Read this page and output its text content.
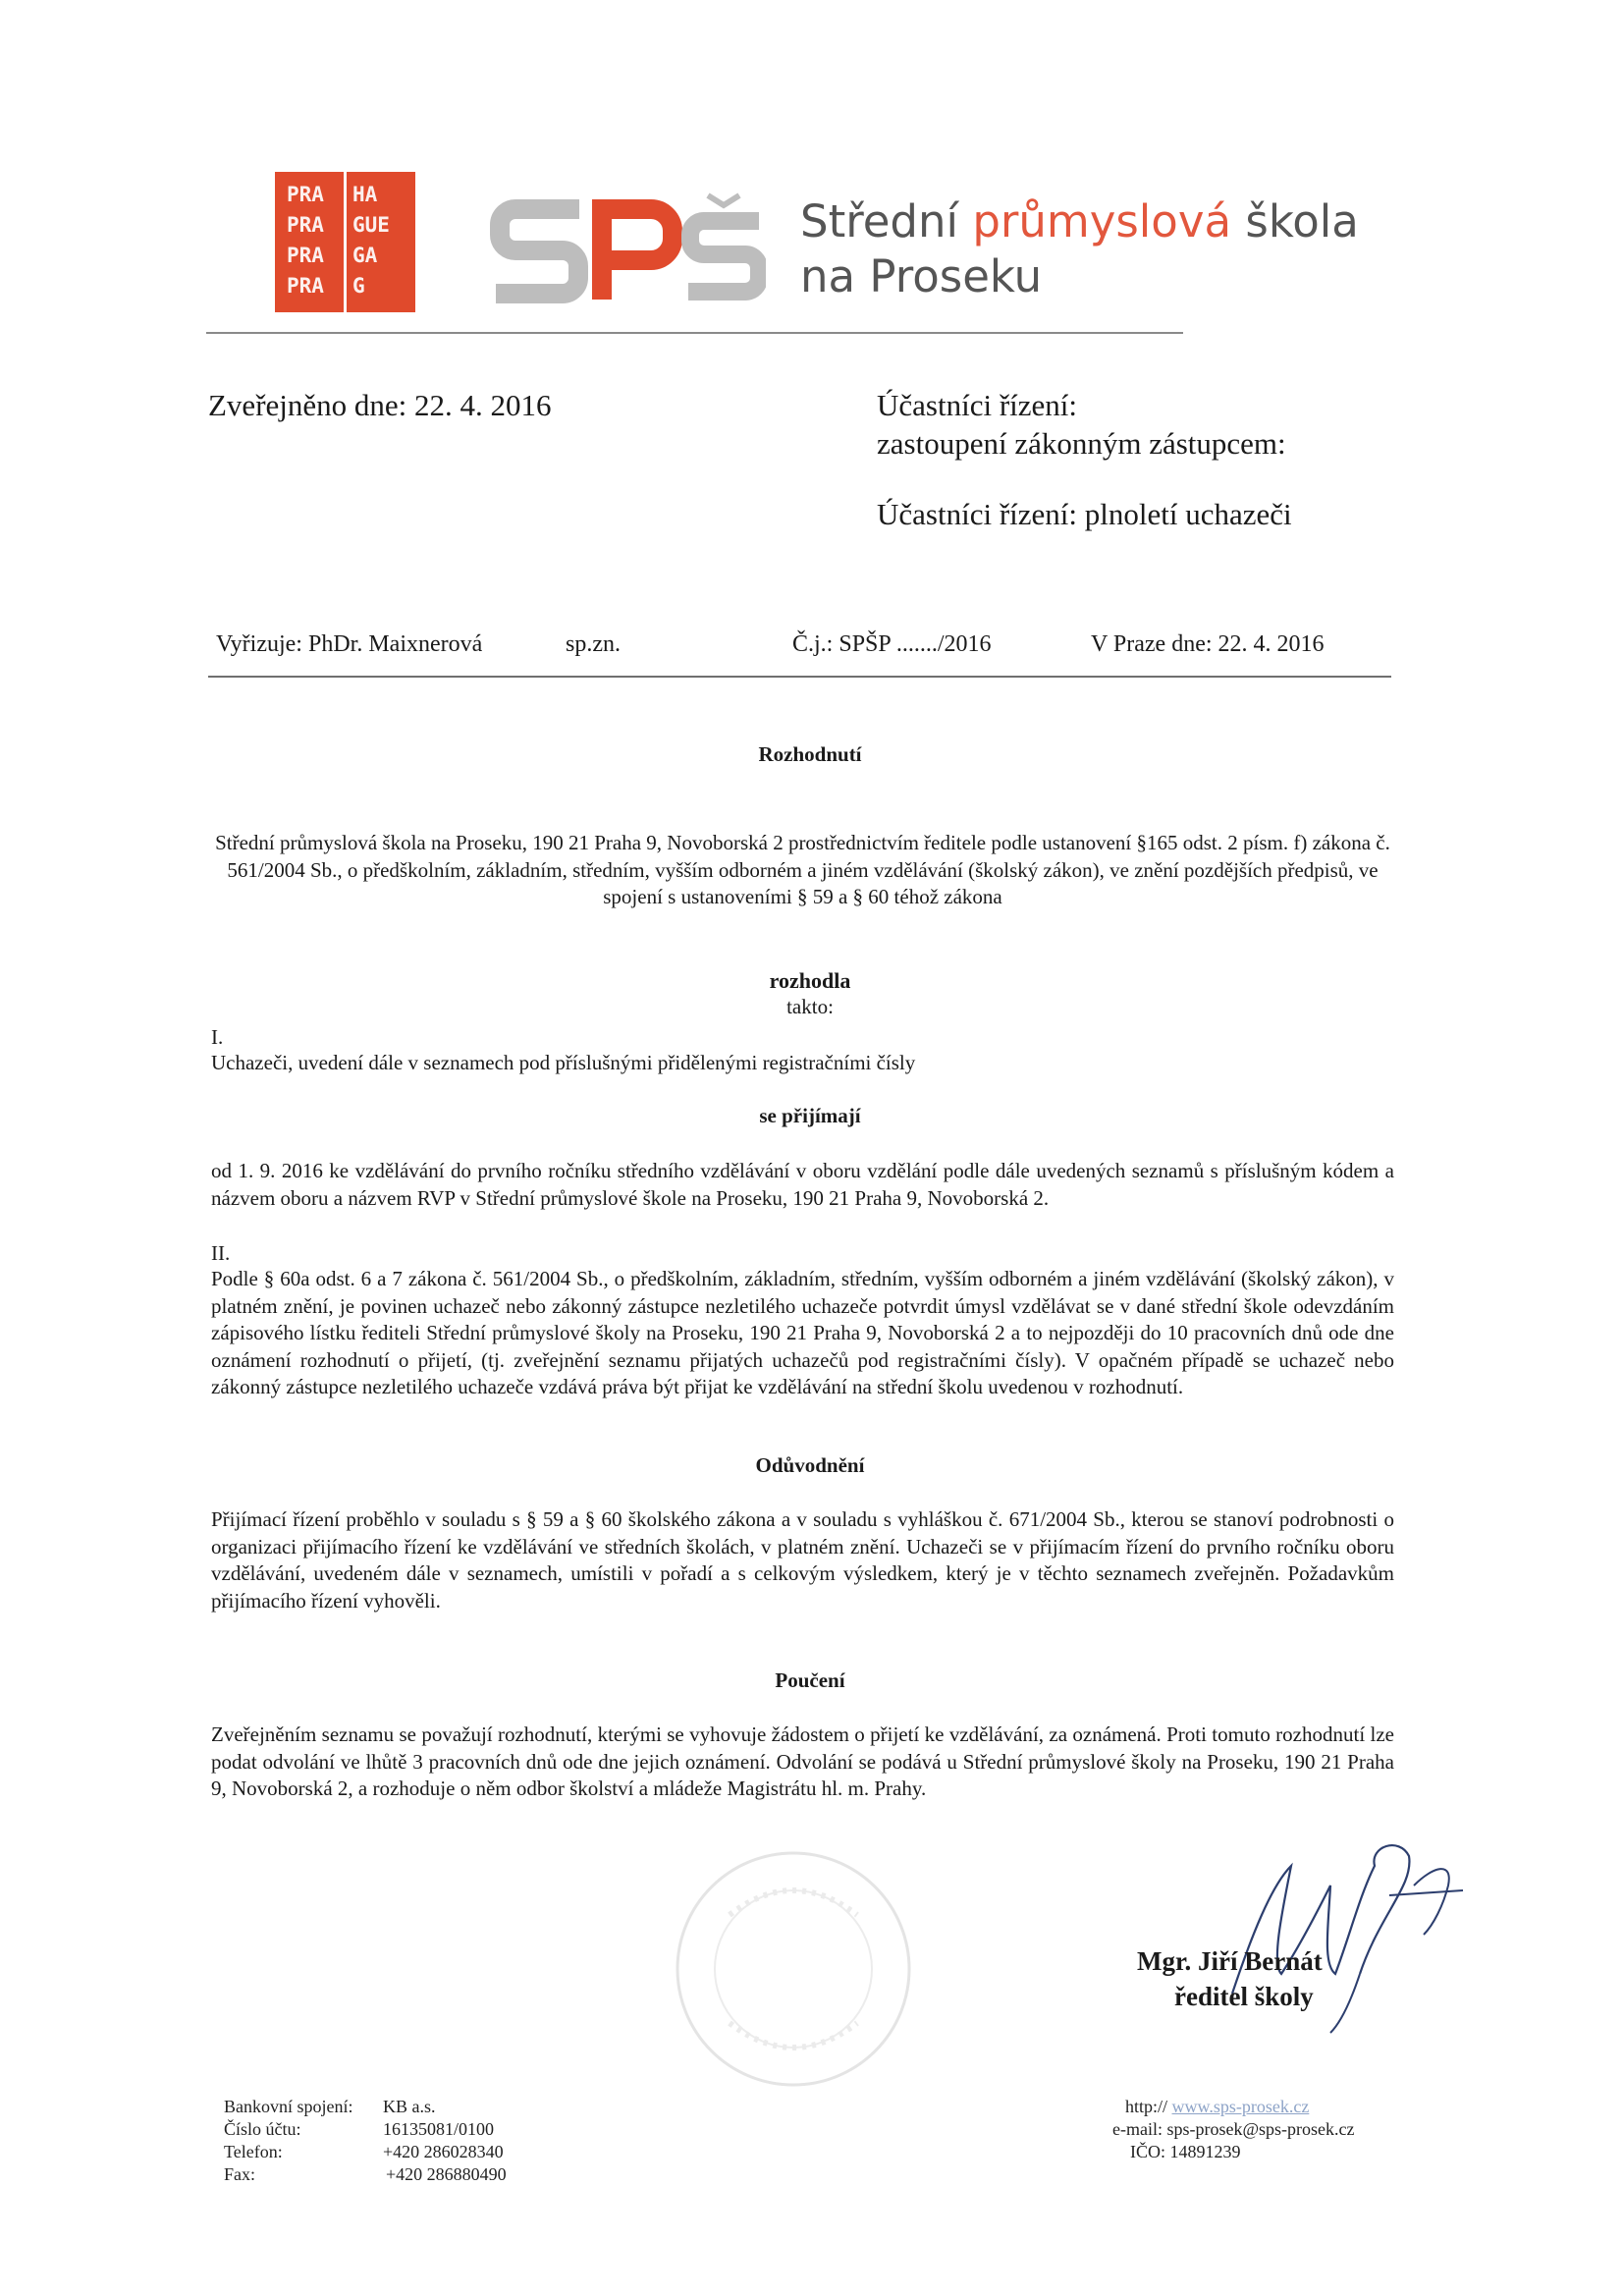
PRA
PRA
PRA
PRA
HA
GUE
GA
G
Střední průmyslová škola
na Proseku
Zveřejněno dne: 22. 4. 2016	Účastníci řízení:
zastoupení zákonným zástupcem:
Účastníci řízení: plnoletí uchazeči
Vyřizuje: PhDr. Maixnerová	sp.zn.	Č.j.: SPŠP ......./2016	V Praze dne: 22. 4. 2016
Rozhodnutí
Střední průmyslová škola na Proseku, 190 21 Praha 9, Novoborská 2 prostřednictvím ředitele podle ustanovení §165 odst. 2 písm. f) zákona č. 561/2004 Sb., o předškolním, základním, středním, vyšším odborném a jiném vzdělávání (školský zákon), ve znění pozdějších předpisů, ve spojení s ustanoveními § 59 a § 60 téhož zákona
rozhodla
takto:
I.
Uchazeči, uvedení dále v seznamech pod příslušnými přidělenými registračními čísly
se přijímají
od 1. 9. 2016 ke vzdělávání do prvního ročníku středního vzdělávání v oboru vzdělání podle dále uvedených seznamů s příslušným kódem a názvem oboru a názvem RVP v Střední průmyslové škole na Proseku, 190 21 Praha 9, Novoborská 2.
II.
Podle § 60a odst. 6 a 7 zákona č. 561/2004 Sb., o předškolním, základním, středním, vyšším odborném a jiném vzdělávání (školský zákon), v platném znění, je povinen uchazeč nebo zákonný zástupce nezletilého uchazeče potvrdit úmysl vzdělávat se v dané střední škole odevzdáním zápisového lístku řediteli Střední průmyslové školy na Proseku, 190 21 Praha 9, Novoborská 2 a to nejpozději do 10 pracovních dnů ode dne oznámení rozhodnutí o přijetí, (tj. zveřejnění seznamu přijatých uchazečů pod registračními čísly). V opačném případě se uchazeč nebo zákonný zástupce nezletilého uchazeče vzdává práva být přijat ke vzdělávání na střední školu uvedenou v rozhodnutí.
Odůvodnění
Přijímací řízení proběhlo v souladu s § 59 a § 60 školského zákona a v souladu s vyhláškou č. 671/2004 Sb., kterou se stanoví podrobnosti o organizaci přijímacího řízení ke vzdělávání ve středních školách, v platném znění. Uchazeči se v přijímacím řízení do prvního ročníku oboru vzdělávání, uvedeném dále v seznamech, umístili v pořadí a s celkovým výsledkem, který je v těchto seznamech zveřejněn. Požadavkům přijímacího řízení vyhověli.
Poučení
Zveřejněním seznamu se považují rozhodnutí, kterými se vyhovuje žádostem o přijetí ke vzdělávání, za oznámená. Proti tomuto rozhodnutí lze podat odvolání ve lhůtě 3 pracovních dnů ode dne jejich oznámení. Odvolání se podává u Střední průmyslové školy na Proseku, 190 21 Praha 9, Novoborská 2, a rozhoduje o něm odbor školství a mládeže Magistrátu hl. m. Prahy.
Mgr. Jiří Bernát
ředitel školy
Bankovní spojení: KB a.s.
Číslo účtu:	16135081/0100
Telefon:	+420 286028340
Fax:	+420 286880490
http:// www.sps-prosek.cz
e-mail: sps-prosek@sps-prosek.cz
IČO: 14891239
